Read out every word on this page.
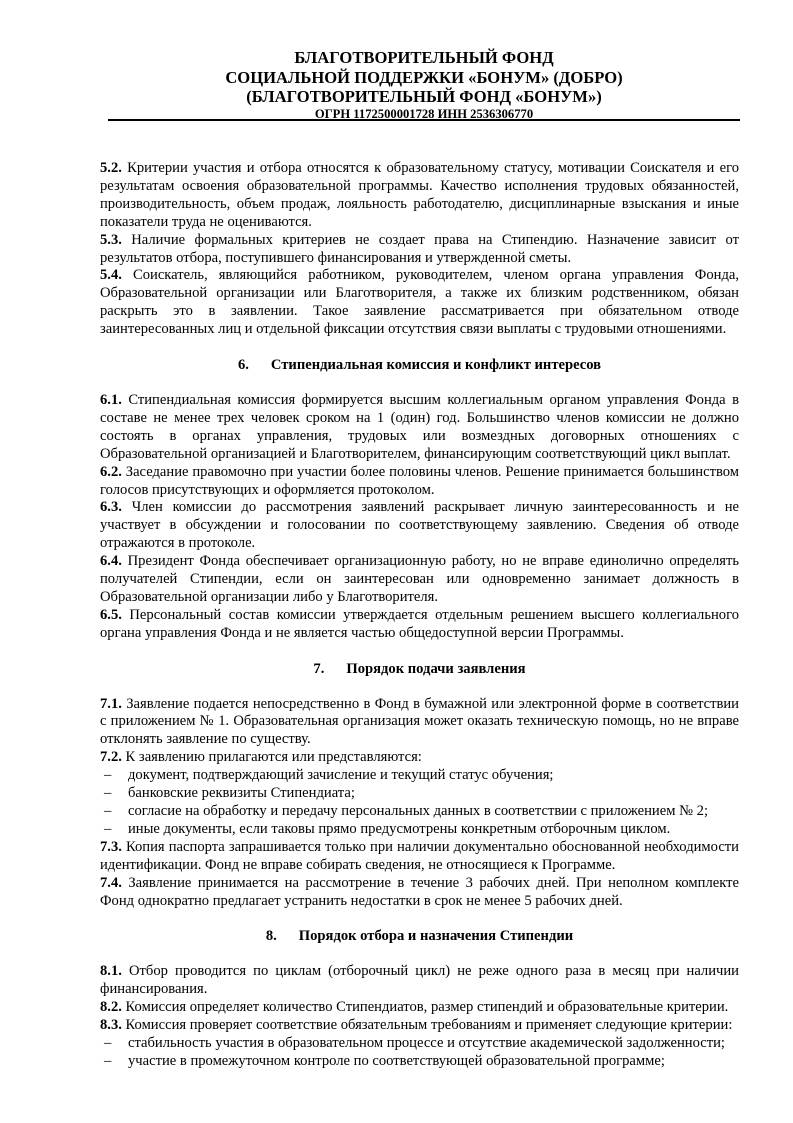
БЛАГОТВОРИТЕЛЬНЫЙ ФОНД
СОЦИАЛЬНОЙ ПОДДЕРЖКИ «БОНУМ» (ДОБРО)
(БЛАГОТВОРИТЕЛЬНЫЙ ФОНД «БОНУМ»)
ОГРН 1172500001728 ИНН 2536306770

5.2. Критерии участия и отбора относятся к образовательному статусу, мотивации Соискателя и его результатам освоения образовательной программы. Качество исполнения трудовых обязанностей, производительность, объем продаж, лояльность работодателю, дисциплинарные взыскания и иные показатели труда не оцениваются.

5.3. Наличие формальных критериев не создает права на Стипендию. Назначение зависит от результатов отбора, поступившего финансирования и утвержденной сметы.

5.4. Соискатель, являющийся работником, руководителем, членом органа управления Фонда, Образовательной организации или Благотворителя, а также их близким родственником, обязан раскрыть это в заявлении. Такое заявление рассматривается при обязательном отводе заинтересованных лиц и отдельной фиксации отсутствия связи выплаты с трудовыми отношениями.

6. Стипендиальная комиссия и конфликт интересов

6.1. Стипендиальная комиссия формируется высшим коллегиальным органом управления Фонда в составе не менее трех человек сроком на 1 (один) год. Большинство членов комиссии не должно состоять в органах управления, трудовых или возмездных договорных отношениях с Образовательной организацией и Благотворителем, финансирующим соответствующий цикл выплат.

6.2. Заседание правомочно при участии более половины членов. Решение принимается большинством голосов присутствующих и оформляется протоколом.

6.3. Член комиссии до рассмотрения заявлений раскрывает личную заинтересованность и не участвует в обсуждении и голосовании по соответствующему заявлению. Сведения об отводе отражаются в протоколе.

6.4. Президент Фонда обеспечивает организационную работу, но не вправе единолично определять получателей Стипендии, если он заинтересован или одновременно занимает должность в Образовательной организации либо у Благотворителя.

6.5. Персональный состав комиссии утверждается отдельным решением высшего коллегиального органа управления Фонда и не является частью общедоступной версии Программы.

7. Порядок подачи заявления

7.1. Заявление подается непосредственно в Фонд в бумажной или электронной форме в соответствии с приложением № 1. Образовательная организация может оказать техническую помощь, но не вправе отклонять заявление по существу.

7.2. К заявлению прилагаются или представляются:

– документ, подтверждающий зачисление и текущий статус обучения;
– банковские реквизиты Стипендиата;
– согласие на обработку и передачу персональных данных в соответствии с приложением № 2;
– иные документы, если таковы прямо предусмотрены конкретным отборочным циклом.

7.3. Копия паспорта запрашивается только при наличии документально обоснованной необходимости идентификации. Фонд не вправе собирать сведения, не относящиеся к Программе.

7.4. Заявление принимается на рассмотрение в течение 3 рабочих дней. При неполном комплекте Фонд однократно предлагает устранить недостатки в срок не менее 5 рабочих дней.

8. Порядок отбора и назначения Стипендии

8.1. Отбор проводится по циклам (отборочный цикл) не реже одного раза в месяц при наличии финансирования.

8.2. Комиссия определяет количество Стипендиатов, размер стипендий и образовательные критерии.

8.3. Комиссия проверяет соответствие обязательным требованиям и применяет следующие критерии:

– стабильность участия в образовательном процессе и отсутствие академической задолженности;
– участие в промежуточном контроле по соответствующей образовательной программе;
